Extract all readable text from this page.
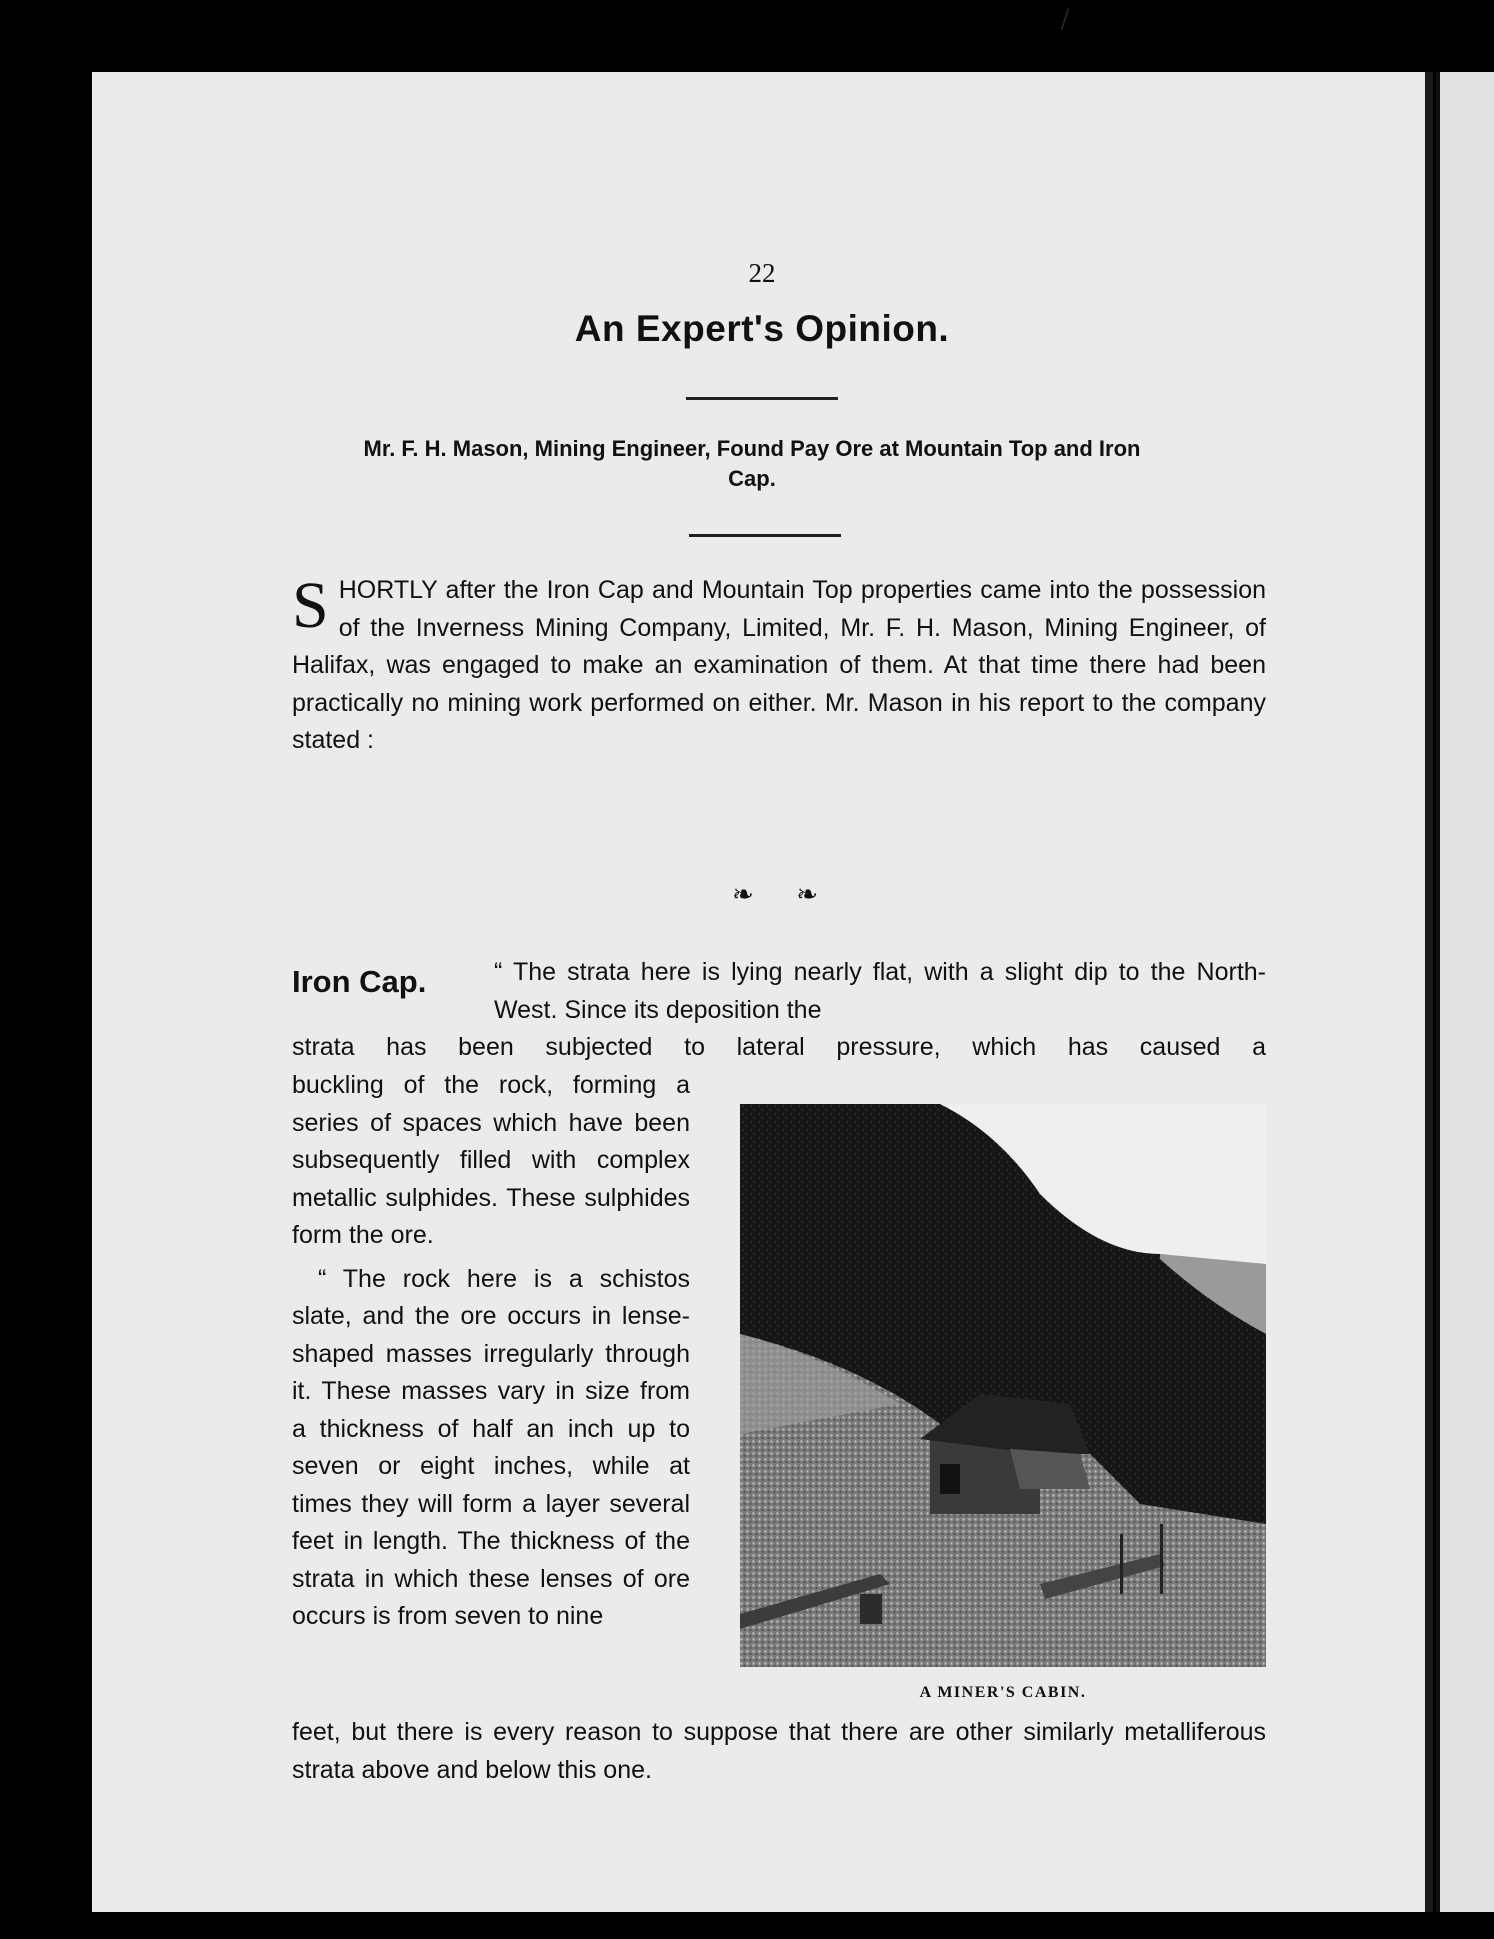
22
An Expert's Opinion.
Mr. F. H. Mason, Mining Engineer, Found Pay Ore at Mountain Top and Iron Cap.
SHORTLY after the Iron Cap and Mountain Top properties came into the possession of the Inverness Mining Company, Limited, Mr. F. H. Mason, Mining Engineer, of Halifax, was engaged to make an examination of them. At that time there had been practically no mining work performed on either. Mr. Mason in his report to the company stated :
❧ ❧
Iron Cap.	“ The strata here is lying nearly flat, with a slight dip to the North-West. Since its deposition the
strata has been subjected to lateral pressure, which has caused a

buckling of the rock, forming a series of spaces which have been subsequently filled with complex metallic sulphides. These sulphides form the ore.

“ The rock here is a schistos slate, and the ore occurs in lense-shaped masses irregularly through it. These masses vary in size from a thickness of half an inch up to seven or eight inches, while at times they will form a layer several feet in length. The thickness of the strata in which these lenses of ore occurs is from seven to nine

A MINER'S CABIN.
feet, but there is every reason to suppose that there are other similarly metalliferous strata above and below this one.
